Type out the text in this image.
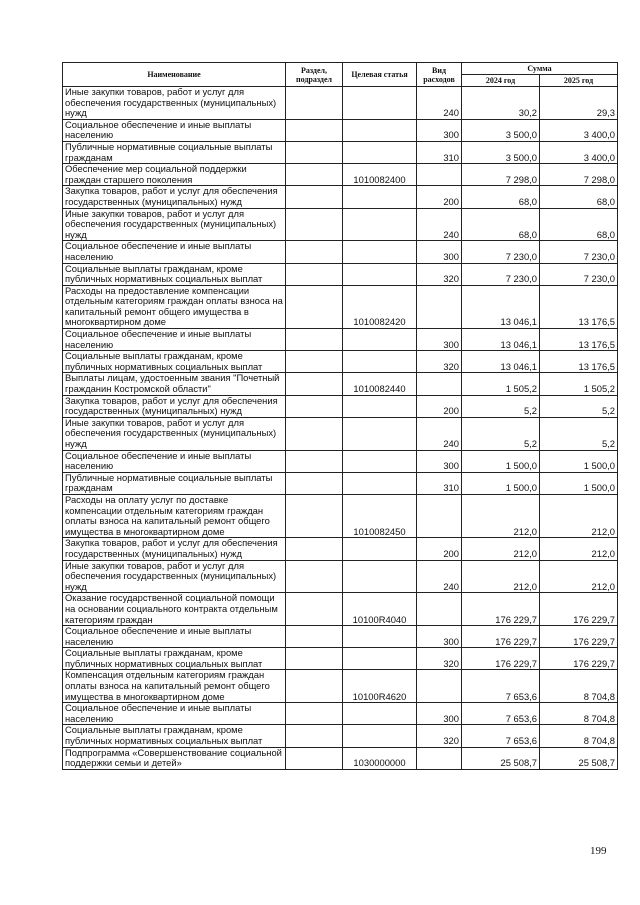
Наименование	Раздел, подраздел	Целевая статья	Вид расходов	Сумма	
				2024 год	2025 год
Иные закупки товаров, работ и услуг для обеспечения государственных (муниципальных) нужд			240	30,2	29,3
Социальное обеспечение и иные выплаты населению			300	3 500,0	3 400,0
Публичные нормативные социальные выплаты гражданам			310	3 500,0	3 400,0
Обеспечение мер социальной поддержки граждан старшего поколения		1010082400		7 298,0	7 298,0
Закупка товаров, работ и услуг для обеспечения государственных (муниципальных) нужд			200	68,0	68,0
Иные закупки товаров, работ и услуг для обеспечения государственных (муниципальных) нужд			240	68,0	68,0
Социальное обеспечение и иные выплаты населению			300	7 230,0	7 230,0
Социальные выплаты гражданам, кроме публичных нормативных социальных выплат			320	7 230,0	7 230,0
Расходы на предоставление компенсации отдельным категориям граждан оплаты взноса на капитальный ремонт общего имущества в многоквартирном доме		1010082420		13 046,1	13 176,5
Социальное обеспечение и иные выплаты населению			300	13 046,1	13 176,5
Социальные выплаты гражданам, кроме публичных нормативных социальных выплат			320	13 046,1	13 176,5
Выплаты лицам, удостоенным звания "Почетный гражданин Костромской области"		1010082440		1 505,2	1 505,2
Закупка товаров, работ и услуг для обеспечения государственных (муниципальных) нужд			200	5,2	5,2
Иные закупки товаров, работ и услуг для обеспечения государственных (муниципальных) нужд			240	5,2	5,2
Социальное обеспечение и иные выплаты населению			300	1 500,0	1 500,0
Публичные нормативные социальные выплаты гражданам			310	1 500,0	1 500,0
Расходы на оплату услуг по доставке компенсации отдельным категориям граждан оплаты взноса на капитальный ремонт общего имущества в многоквартирном доме		1010082450		212,0	212,0
Закупка товаров, работ и услуг для обеспечения государственных (муниципальных) нужд			200	212,0	212,0
Иные закупки товаров, работ и услуг для обеспечения государственных (муниципальных) нужд			240	212,0	212,0
Оказание государственной социальной помощи на основании социального контракта отдельным категориям граждан		10100R4040		176 229,7	176 229,7
Социальное обеспечение и иные выплаты населению			300	176 229,7	176 229,7
Социальные выплаты гражданам, кроме публичных нормативных социальных выплат			320	176 229,7	176 229,7
Компенсация отдельным категориям граждан оплаты взноса на капитальный ремонт общего имущества в многоквартирном доме		10100R4620		7 653,6	8 704,8
Социальное обеспечение и иные выплаты населению			300	7 653,6	8 704,8
Социальные выплаты гражданам, кроме публичных нормативных социальных выплат			320	7 653,6	8 704,8
Подпрограмма «Совершенствование социальной поддержки семьи и детей»		1030000000		25 508,7	25 508,7
199
